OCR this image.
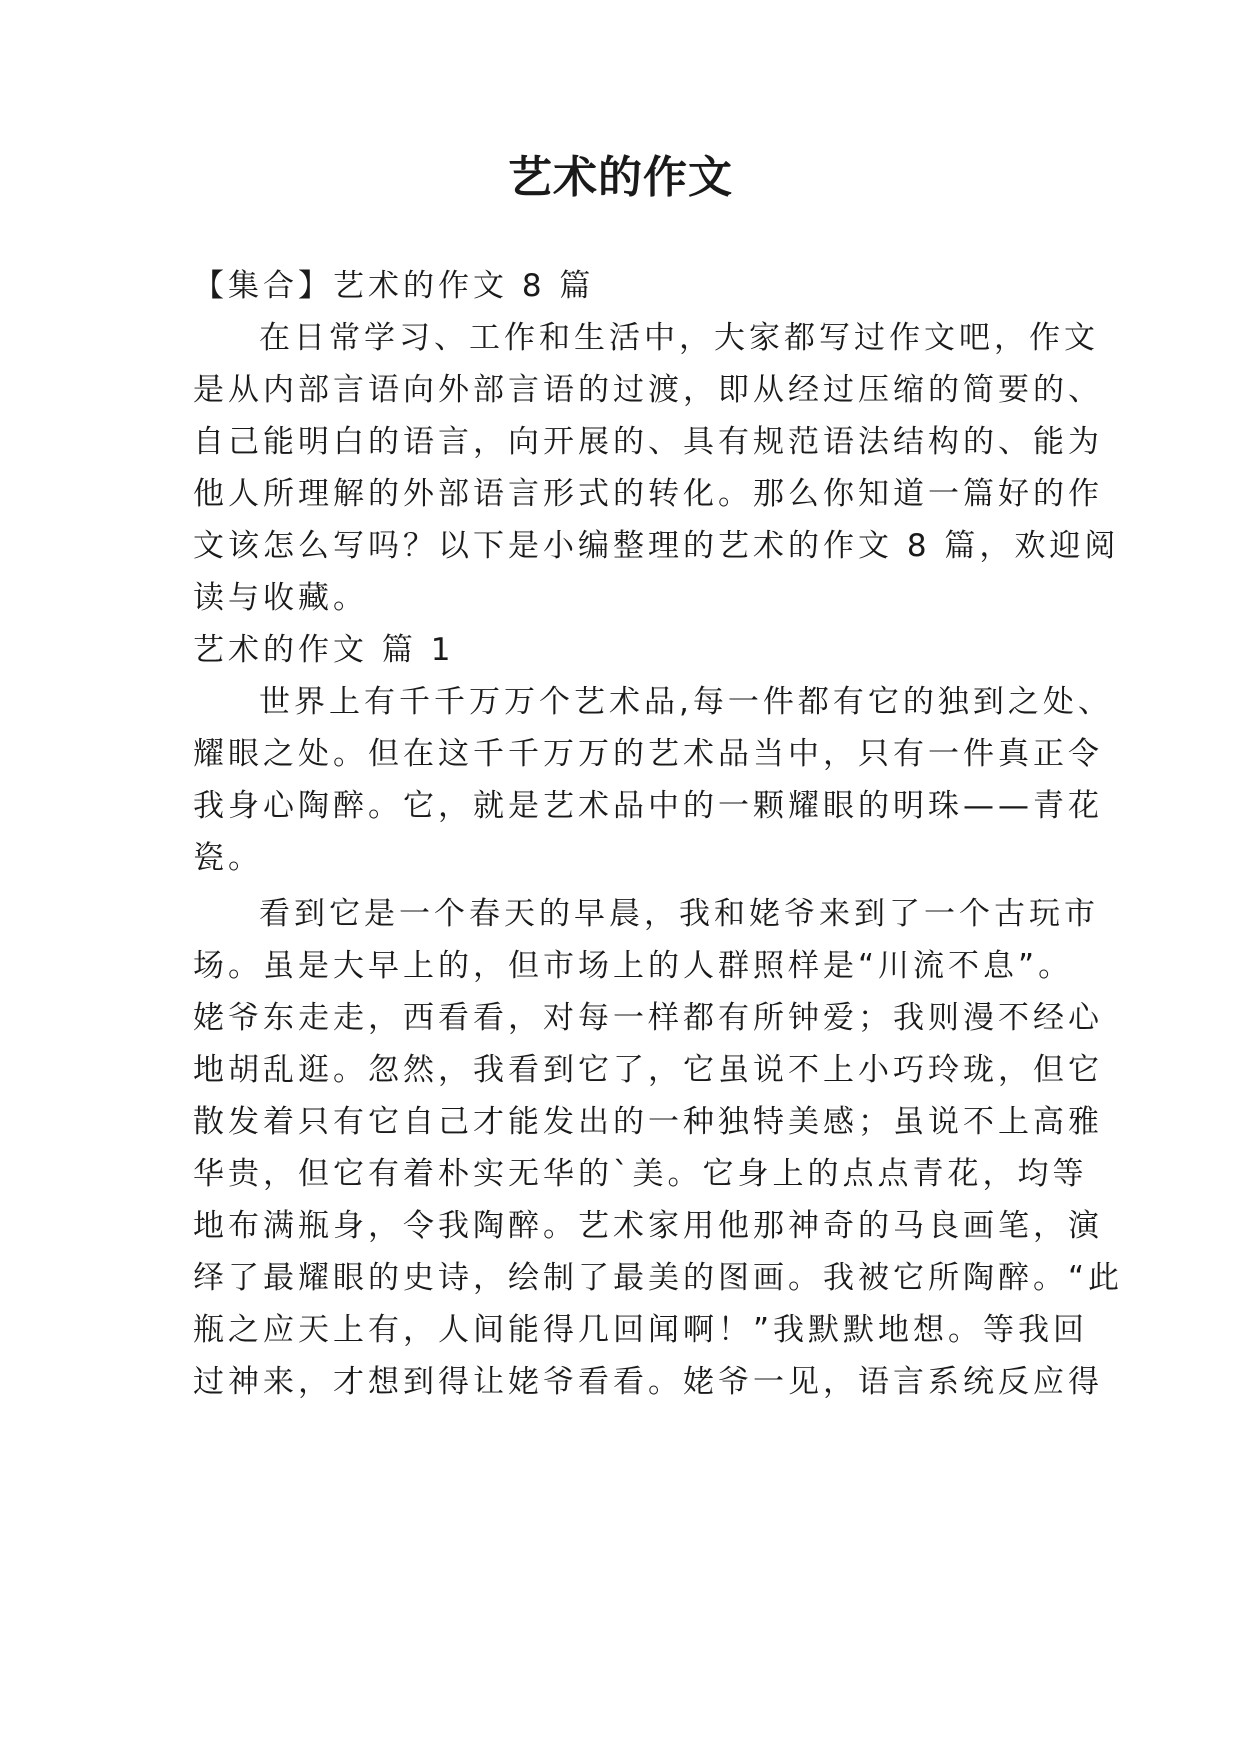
艺术的作文
【集合】艺术的作文 8 篇
在日常学习、工作和生活中，大家都写过作文吧，作文
是从内部言语向外部言语的过渡，即从经过压缩的简要的、
自己能明白的语言，向开展的、具有规范语法结构的、能为
他人所理解的外部语言形式的转化。那么你知道一篇好的作
文该怎么写吗？以下是小编整理的艺术的作文 8 篇，欢迎阅
读与收藏。
艺术的作文 篇 1
世界上有千千万万个艺术品,每一件都有它的独到之处、
耀眼之处。但在这千千万万的艺术品当中，只有一件真正令
我身心陶醉。它，就是艺术品中的一颗耀眼的明珠——青花
瓷。
看到它是一个春天的早晨，我和姥爷来到了一个古玩市
场。虽是大早上的，但市场上的人群照样是“川流不息”。
姥爷东走走，西看看，对每一样都有所钟爱；我则漫不经心
地胡乱逛。忽然，我看到它了，它虽说不上小巧玲珑，但它
散发着只有它自己才能发出的一种独特美感；虽说不上高雅
华贵，但它有着朴实无华的`美。它身上的点点青花，均等
地布满瓶身，令我陶醉。艺术家用他那神奇的马良画笔，演
绎了最耀眼的史诗，绘制了最美的图画。我被它所陶醉。“此
瓶之应天上有，人间能得几回闻啊！”我默默地想。等我回
过神来，才想到得让姥爷看看。姥爷一见，语言系统反应得
